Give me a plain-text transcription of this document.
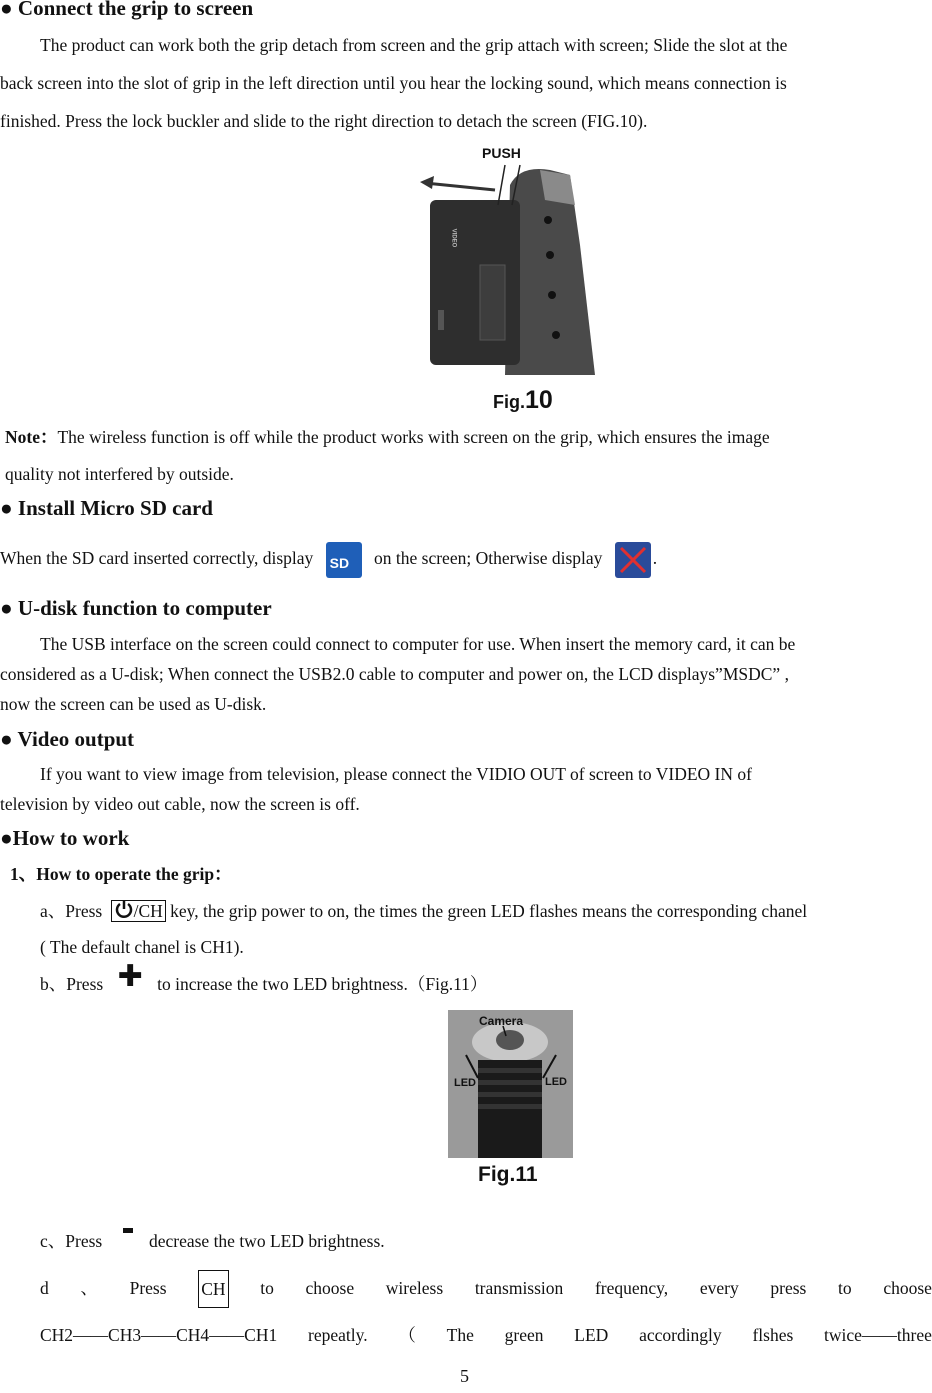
● Connect the grip to screen
The product can work both the grip detach from screen and the grip attach with screen; Slide the slot at the
back screen into the slot of grip in the left direction until you hear the locking sound, which means connection is
finished. Press the lock buckler and slide to the right direction to detach the screen (FIG.10).
PUSH
VIDEO
Fig.10
Note：The wireless function is off while the product works with screen on the grip, which ensures the image
quality not interfered by outside.
● Install Micro SD card
When the SD card inserted correctly, display SD on the screen; Otherwise display	.
● U-disk function to computer
The USB interface on the screen could connect to computer for use. When insert the memory card, it can be
considered as a U-disk; When connect the USB2.0 cable to computer and power on, the LCD displays”MSDC” ,
now the screen can be used as U-disk.
● Video output
If you want to view image from television, please connect the VIDIO OUT of screen to VIDEO IN of
television by video out cable, now the screen is off.
●How to work
1、How to operate the grip：
a、Press /CH key, the grip power to on, the times the green LED flashes means the corresponding chanel
( The default chanel is CH1).
b、Press ✚ to increase the two LED brightness.（Fig.11）
Camera
LED	LED
Fig.11
c、Press	decrease the two LED brightness.
d 、 Press CH to choose wireless transmission frequency, every press to choose
CH2——CH3——CH4——CH1 repeatly. （ The green LED accordingly flshes twice——three
5
